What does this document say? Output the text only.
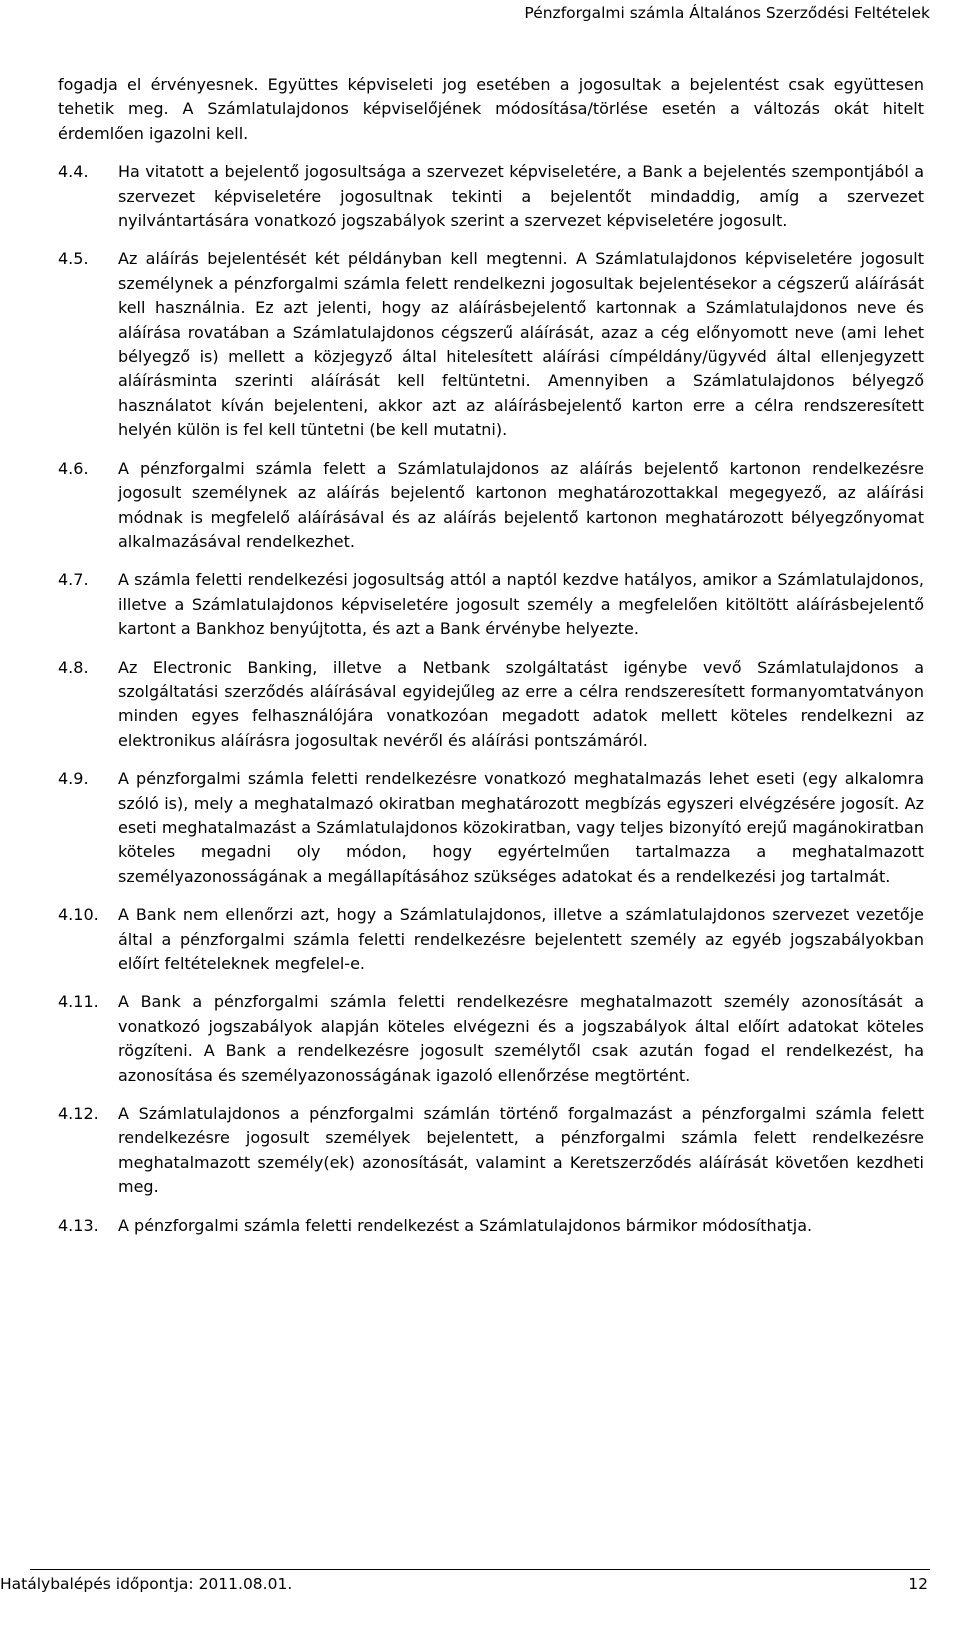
Pénzforgalmi számla Általános Szerződési Feltételek

fogadja el érvényesnek. Együttes képviseleti jog esetében a jogosultak a bejelentést csak együttesen tehetik meg. A Számlatulajdonos képviselőjének módosítása/törlése esetén a változás okát hitelt érdemlően igazolni kell.

4.4.	Ha vitatott a bejelentő jogosultsága a szervezet képviseletére, a Bank a bejelentés szempontjából a szervezet képviseletére jogosultnak tekinti a bejelentőt mindaddig, amíg a szervezet nyilvántartására vonatkozó jogszabályok szerint a szervezet képviseletére jogosult.

4.5.	Az aláírás bejelentését két példányban kell megtenni. A Számlatulajdonos képviseletére jogosult személynek a pénzforgalmi számla felett rendelkezni jogosultak bejelentésekor a cégszerű aláírását kell használnia. Ez azt jelenti, hogy az aláírásbejelentő kartonnak a Számlatulajdonos neve és aláírása rovatában a Számlatulajdonos cégszerű aláírását, azaz a cég előnyomott neve (ami lehet bélyegző is) mellett a közjegyző által hitelesített aláírási címpéldány/ügyvéd által ellenjegyzett aláírásminta szerinti aláírását kell feltüntetni. Amennyiben a Számlatulajdonos bélyegző használatot kíván bejelenteni, akkor azt az aláírásbejelentő karton erre a célra rendszeresített helyén külön is fel kell tüntetni (be kell mutatni).

4.6.	A pénzforgalmi számla felett a Számlatulajdonos az aláírás bejelentő kartonon rendelkezésre jogosult személynek az aláírás bejelentő kartonon meghatározottakkal megegyező, az aláírási módnak is megfelelő aláírásával és az aláírás bejelentő kartonon meghatározott bélyegzőnyomat alkalmazásával rendelkezhet.

4.7.	A számla feletti rendelkezési jogosultság attól a naptól kezdve hatályos, amikor a Számlatulajdonos, illetve a Számlatulajdonos képviseletére jogosult személy a megfelelően kitöltött aláírásbejelentő kartont a Bankhoz benyújtotta, és azt a Bank érvénybe helyezte.

4.8.	Az Electronic Banking, illetve a Netbank szolgáltatást igénybe vevő Számlatulajdonos a szolgáltatási szerződés aláírásával egyidejűleg az erre a célra rendszeresített formanyomtatványon minden egyes felhasználójára vonatkozóan megadott adatok mellett köteles rendelkezni az elektronikus aláírásra jogosultak nevéről és aláírási pontszámáról.

4.9.	A pénzforgalmi számla feletti rendelkezésre vonatkozó meghatalmazás lehet eseti (egy alkalomra szóló is), mely a meghatalmazó okiratban meghatározott megbízás egyszeri elvégzésére jogosít. Az eseti meghatalmazást a Számlatulajdonos közokiratban, vagy teljes bizonyító erejű magánokiratban köteles megadni oly módon, hogy egyértelműen tartalmazza a meghatalmazott személyazonosságának a megállapításához szükséges adatokat és a rendelkezési jog tartalmát.

4.10.	A Bank nem ellenőrzi azt, hogy a Számlatulajdonos, illetve a számlatulajdonos szervezet vezetője által a pénzforgalmi számla feletti rendelkezésre bejelentett személy az egyéb jogszabályokban előírt feltételeknek megfelel-e.

4.11.	A Bank a pénzforgalmi számla feletti rendelkezésre meghatalmazott személy azonosítását a vonatkozó jogszabályok alapján köteles elvégezni és a jogszabályok által előírt adatokat köteles rögzíteni. A Bank a rendelkezésre jogosult személytől csak azután fogad el rendelkezést, ha azonosítása és személyazonosságának igazoló ellenőrzése megtörtént.

4.12.	A Számlatulajdonos a pénzforgalmi számlán történő forgalmazást a pénzforgalmi számla felett rendelkezésre jogosult személyek bejelentett, a pénzforgalmi számla felett rendelkezésre meghatalmazott személy(ek) azonosítását, valamint a Keretszerződés aláírását követően kezdheti meg.

4.13.	A pénzforgalmi számla feletti rendelkezést a Számlatulajdonos bármikor módosíthatja.

Hatálybalépés időpontja: 2011.08.01.	12
